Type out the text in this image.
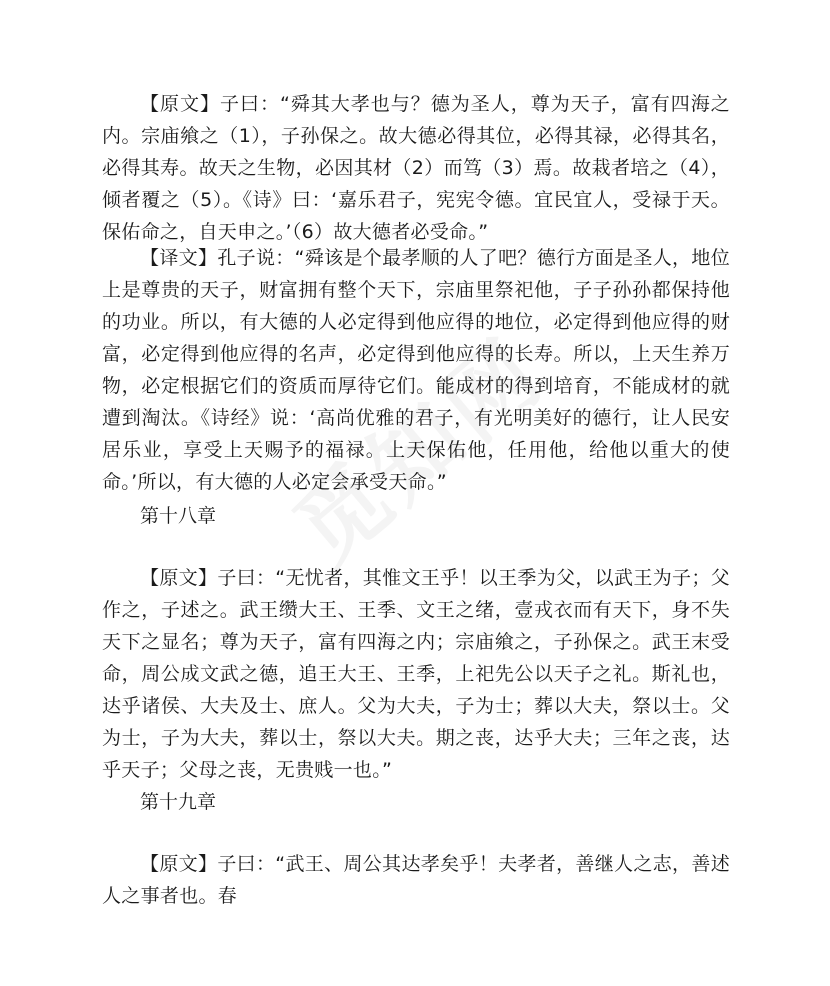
【原文】子曰：“舜其大孝也与？德为圣人，尊为天子，富有四海之内。宗庙飨之（1），子孙保之。故大德必得其位，必得其禄，必得其名，必得其寿。故天之生物，必因其材（2）而笃（3）焉。故栽者培之（4），倾者覆之（5）。《诗》曰：‘嘉乐君子，宪宪令德。宜民宜人，受禄于天。保佑命之，自天申之。’（6）故大德者必受命。”

【译文】孔子说：“舜该是个最孝顺的人了吧？德行方面是圣人，地位上是尊贵的天子，财富拥有整个天下，宗庙里祭祀他，子子孙孙都保持他的功业。所以，有大德的人必定得到他应得的地位，必定得到他应得的财富，必定得到他应得的名声，必定得到他应得的长寿。所以，上天生养万物，必定根据它们的资质而厚待它们。能成材的得到培育，不能成材的就遭到淘汰。《诗经》说：‘高尚优雅的君子，有光明美好的德行，让人民安居乐业，享受上天赐予的福禄。上天保佑他，任用他，给他以重大的使命。’所以，有大德的人必定会承受天命。”

第十八章

【原文】子曰：“无忧者，其惟文王乎！以王季为父，以武王为子；父作之，子述之。武王缵大王、王季、文王之绪，壹戎衣而有天下，身不失天下之显名；尊为天子，富有四海之内；宗庙飨之，子孙保之。武王末受命，周公成文武之德，追王大王、王季，上祀先公以天子之礼。斯礼也，达乎诸侯、大夫及士、庶人。父为大夫，子为士；葬以大夫，祭以士。父为士，子为大夫，葬以士，祭以大夫。期之丧，达乎大夫；三年之丧，达乎天子；父母之丧，无贵贱一也。”

第十九章

【原文】子曰：“武王、周公其达孝矣乎！夫孝者，善继人之志，善述人之事者也。春
